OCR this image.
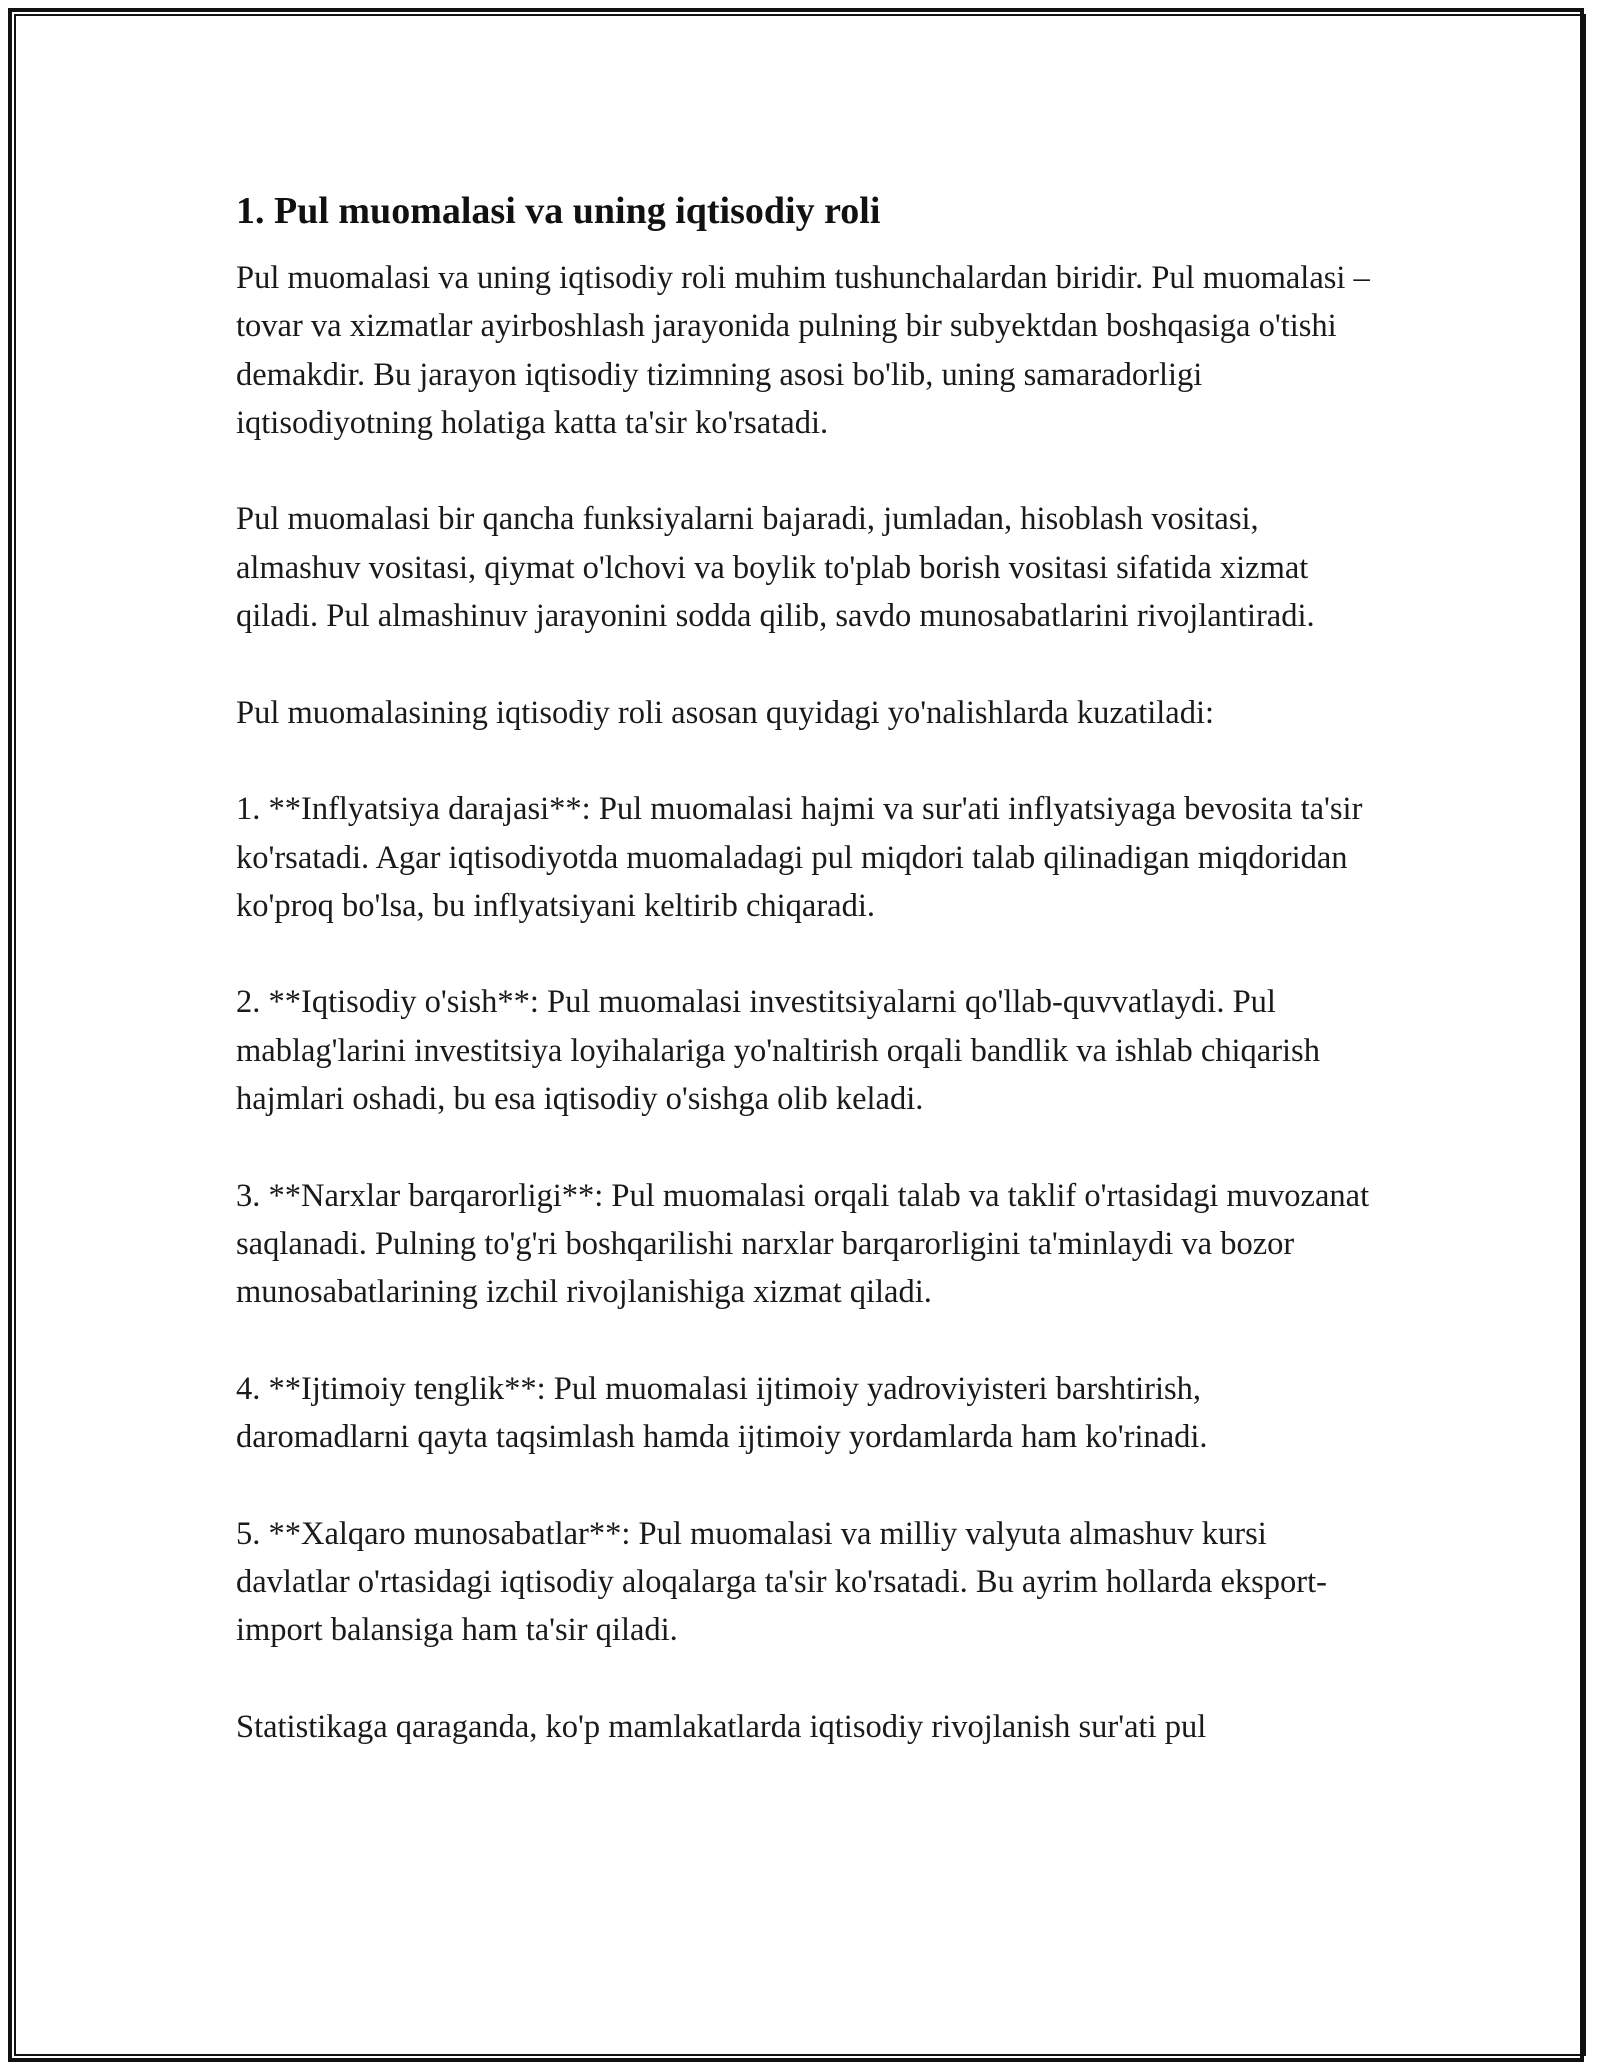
1. Pul muomalasi va uning iqtisodiy roli

Pul muomalasi va uning iqtisodiy roli muhim tushunchalardan biridir. Pul muomalasi – tovar va xizmatlar ayirboshlash jarayonida pulning bir subyektdan boshqasiga o'tishi demakdir. Bu jarayon iqtisodiy tizimning asosi bo'lib, uning samaradorligi iqtisodiyotning holatiga katta ta'sir ko'rsatadi.

Pul muomalasi bir qancha funksiyalarni bajaradi, jumladan, hisoblash vositasi, almashuv vositasi, qiymat o'lchovi va boylik to'plab borish vositasi sifatida xizmat qiladi. Pul almashinuv jarayonini sodda qilib, savdo munosabatlarini rivojlantiradi.

Pul muomalasining iqtisodiy roli asosan quyidagi yo'nalishlarda kuzatiladi:

1. **Inflyatsiya darajasi**: Pul muomalasi hajmi va sur'ati inflyatsiyaga bevosita ta'sir ko'rsatadi. Agar iqtisodiyotda muomaladagi pul miqdori talab qilinadigan miqdoridan ko'proq bo'lsa, bu inflyatsiyani keltirib chiqaradi.

2. **Iqtisodiy o'sish**: Pul muomalasi investitsiyalarni qo'llab-quvvatlaydi. Pul mablag'larini investitsiya loyihalariga yo'naltirish orqali bandlik va ishlab chiqarish hajmlari oshadi, bu esa iqtisodiy o'sishga olib keladi.

3. **Narxlar barqarorligi**: Pul muomalasi orqali talab va taklif o'rtasidagi muvozanat saqlanadi. Pulning to'g'ri boshqarilishi narxlar barqarorligini ta'minlaydi va bozor munosabatlarining izchil rivojlanishiga xizmat qiladi.

4. **Ijtimoiy tenglik**: Pul muomalasi ijtimoiy yadroviyisteri barshtirish, daromadlarni qayta taqsimlash hamda ijtimoiy yordamlarda ham ko'rinadi.

5. **Xalqaro munosabatlar**: Pul muomalasi va milliy valyuta almashuv kursi davlatlar o'rtasidagi iqtisodiy aloqalarga ta'sir ko'rsatadi. Bu ayrim hollarda eksport-import balansiga ham ta'sir qiladi.

Statistikaga qaraganda, ko'p mamlakatlarda iqtisodiy rivojlanish sur'ati pul
